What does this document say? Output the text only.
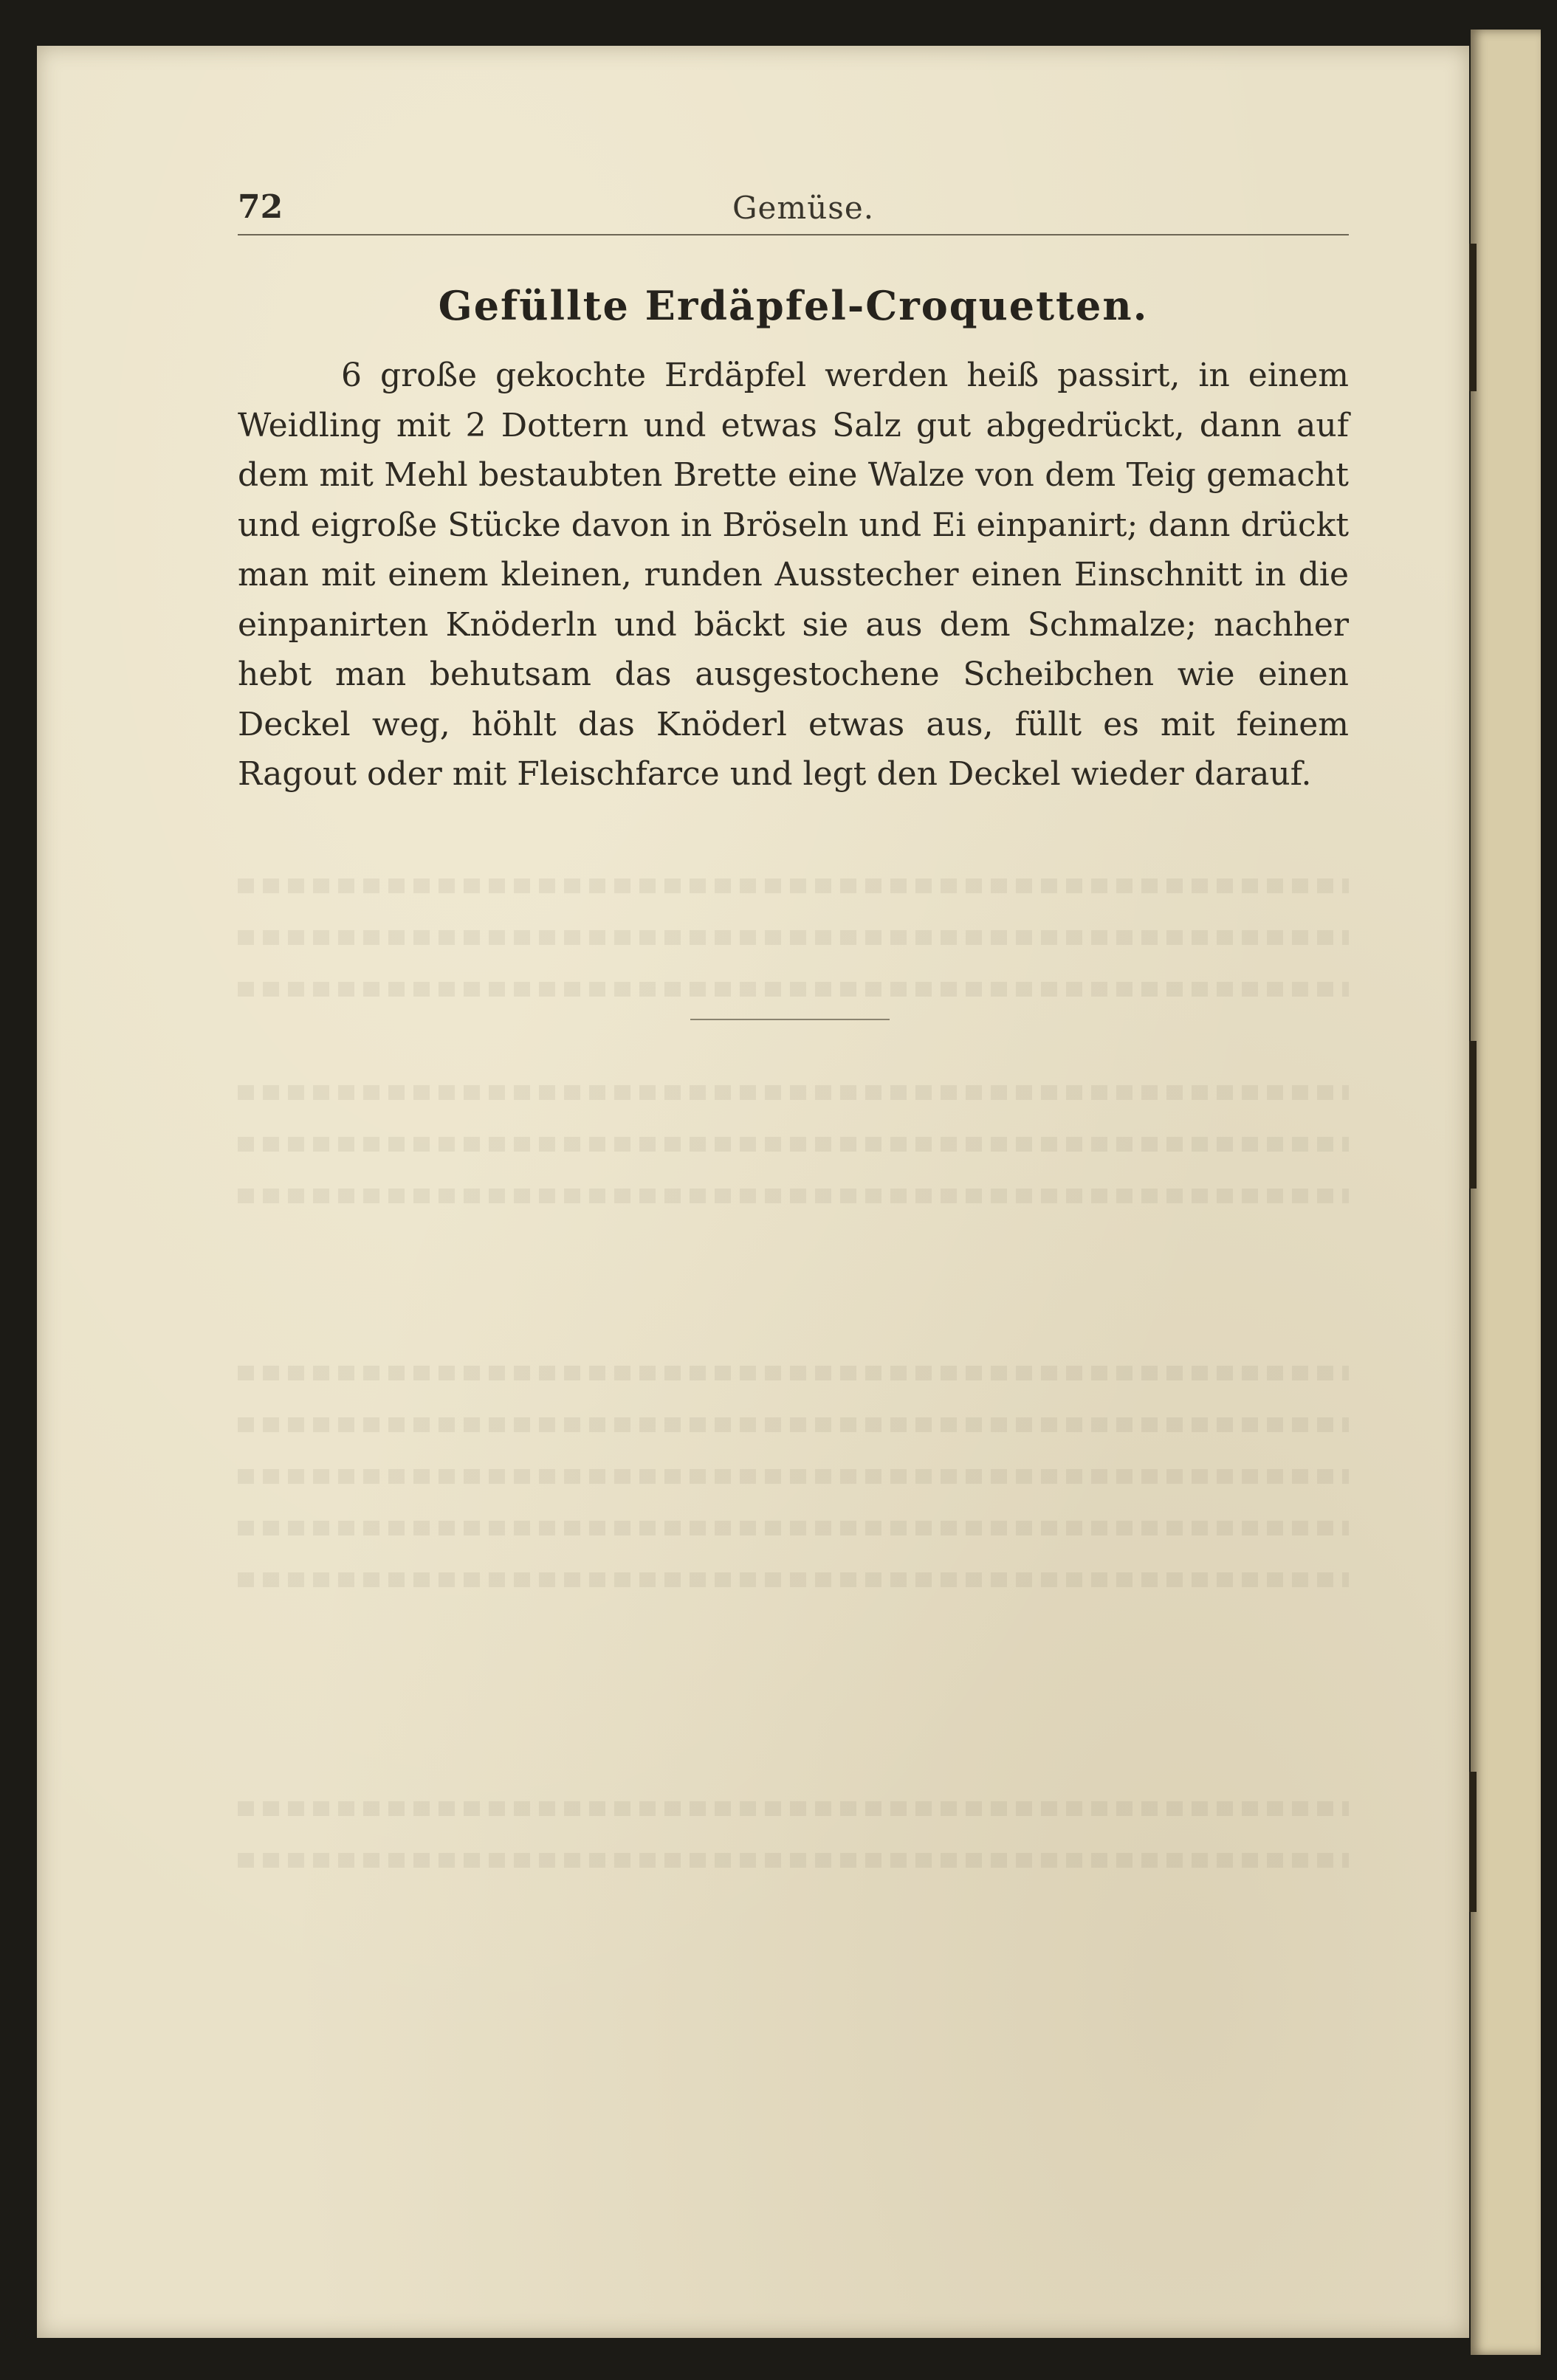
72	Gemüse.
Gefüllte Erdäpfel-Croquetten.

6 große gekochte Erdäpfel werden heiß passirt, in einem Weidling mit 2 Dottern und etwas Salz gut abgedrückt, dann auf dem mit Mehl bestaubten Brette eine Walze von dem Teig gemacht und eigroße Stücke davon in Bröseln und Ei einpanirt; dann drückt man mit einem kleinen, runden Ausstecher einen Einschnitt in die einpanirten Knöderln und bäckt sie aus dem Schmalze; nachher hebt man behutsam das ausgestochene Scheibchen wie einen Deckel weg, höhlt das Knöderl etwas aus, füllt es mit feinem Ragout oder mit Fleischfarce und legt den Deckel wieder darauf.
